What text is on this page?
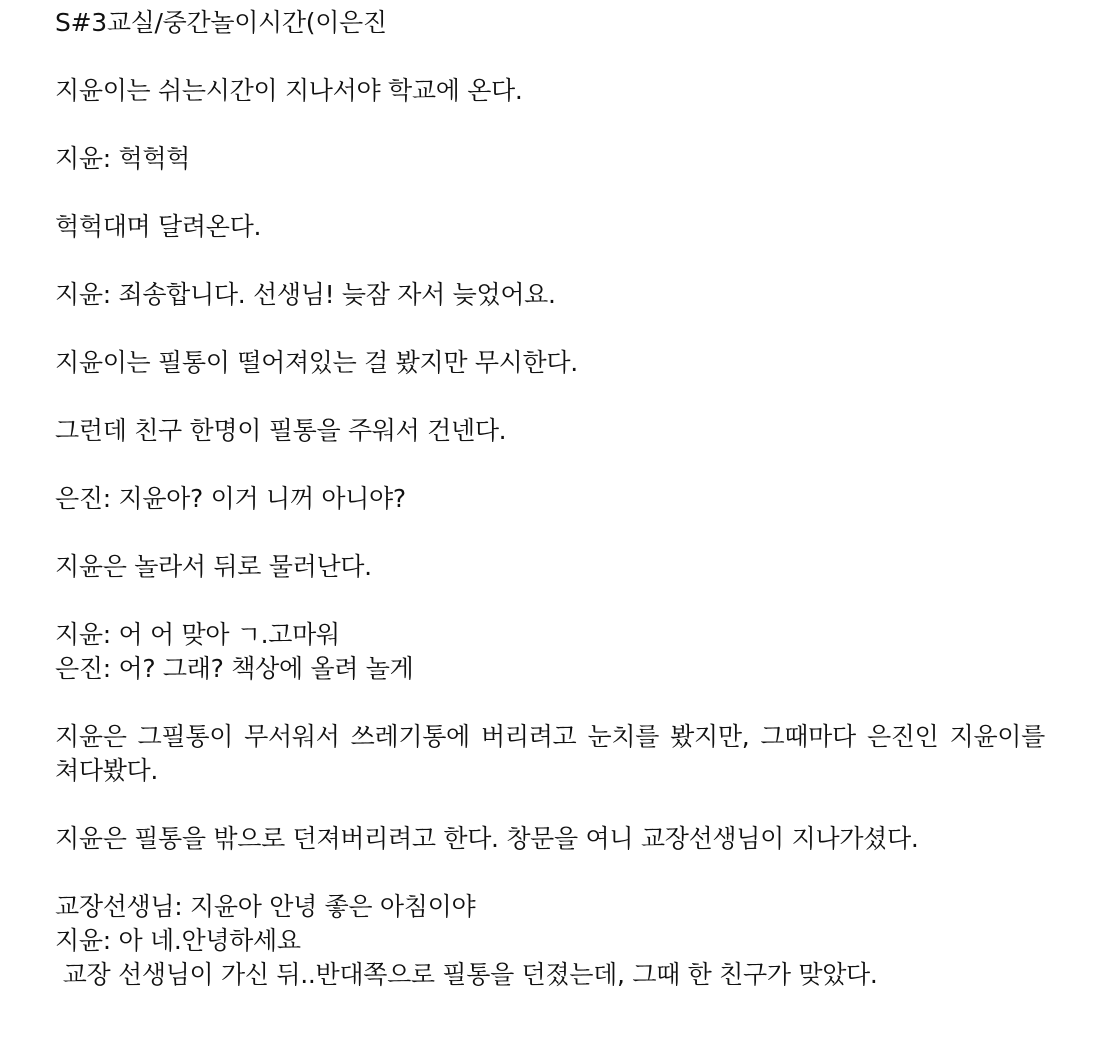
S#3교실/중간놀이시간(이은진
지윤이는 쉬는시간이 지나서야 학교에 온다.
지윤: 헉헉헉
헉헉대며 달려온다.
지윤: 죄송합니다. 선생님! 늦잠 자서 늦었어요.
지윤이는 필통이 떨어져있는 걸 봤지만 무시한다.
그런데 친구 한명이 필통을 주워서 건넨다.
은진: 지윤아? 이거 니꺼 아니야?
지윤은 놀라서 뒤로 물러난다.
지윤: 어 어 맞아 ㄱ.고마워
은진: 어? 그래? 책상에 올려 놀게
지윤은 그필통이 무서워서 쓰레기통에 버리려고 눈치를 봤지만, 그때마다 은진인 지윤이를 쳐다봤다.
지윤은 필통을 밖으로 던져버리려고 한다. 창문을 여니 교장선생님이 지나가셨다.
교장선생님: 지윤아 안녕 좋은 아침이야
지윤: 아 네.안녕하세요
교장 선생님이 가신 뒤..반대쪽으로 필통을 던졌는데, 그때 한 친구가 맞았다.
